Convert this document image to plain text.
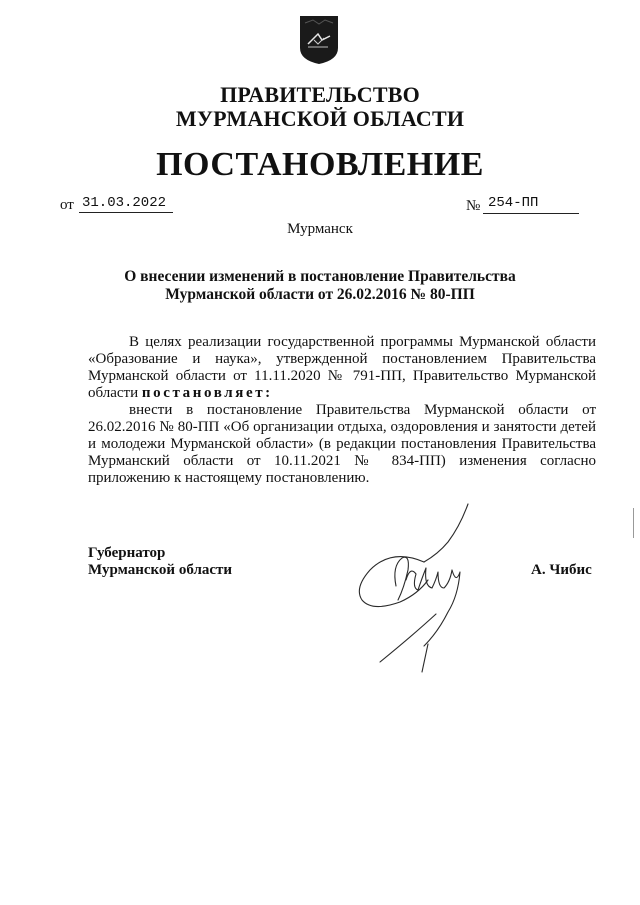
ПРАВИТЕЛЬСТВО
МУРМАНСКОЙ ОБЛАСТИ
ПОСТАНОВЛЕНИЕ
от 31.03.2022	№ 254-ПП
Мурманск
О внесении изменений в постановление Правительства
Мурманской области от 26.02.2016 № 80-ПП

В целях реализации государственной программы Мурманской области «Образование и наука», утвержденной постановлением Правительства Мурманской области от 11.11.2020 № 791-ПП, Правительство Мурманской области постановляет:

внести в постановление Правительства Мурманской области от 26.02.2016 № 80-ПП «Об организации отдыха, оздоровления и занятости детей и молодежи Мурманской области» (в редакции постановления Правительства Мурманский области от 10.11.2021 № 834-ПП) изменения согласно приложению к настоящему постановлению.

Губернатор
Мурманской области	А. Чибис
